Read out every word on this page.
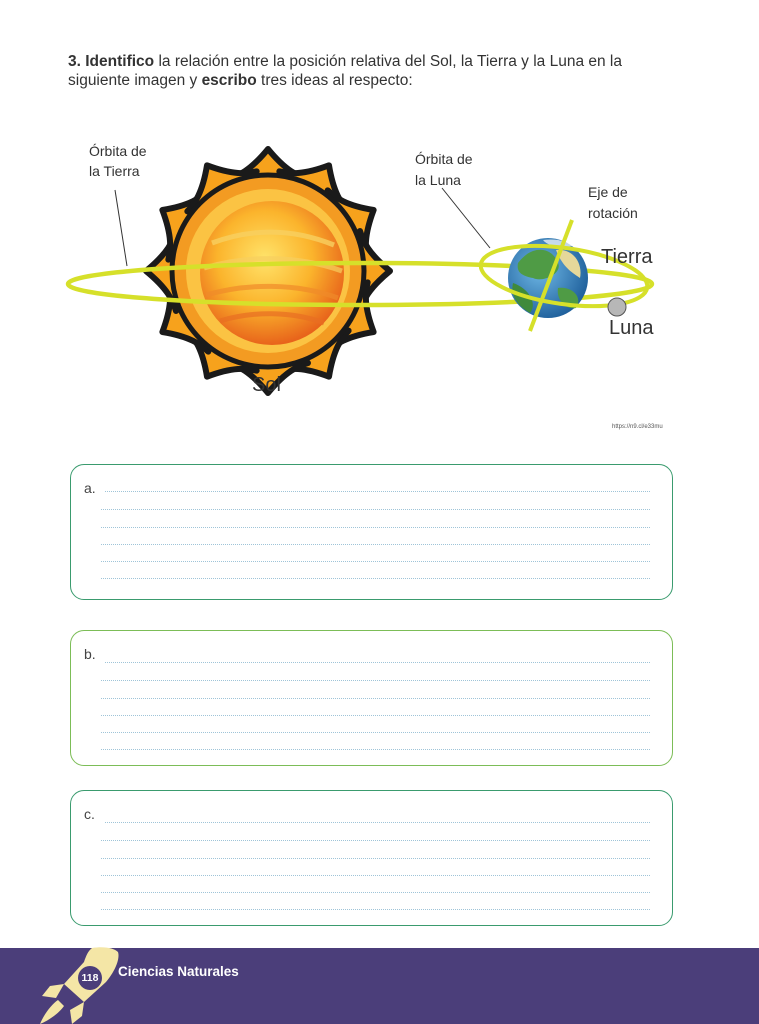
3. Identifico la relación entre la posición relativa del Sol, la Tierra y la Luna en la siguiente imagen y escribo tres ideas al respecto:
Órbita de
la Tierra
Órbita de
la Luna
Eje de
rotación
Tierra
Luna
Sol
https://n9.cl/e33mu
a.
b.
c.
Ciencias Naturales
118
